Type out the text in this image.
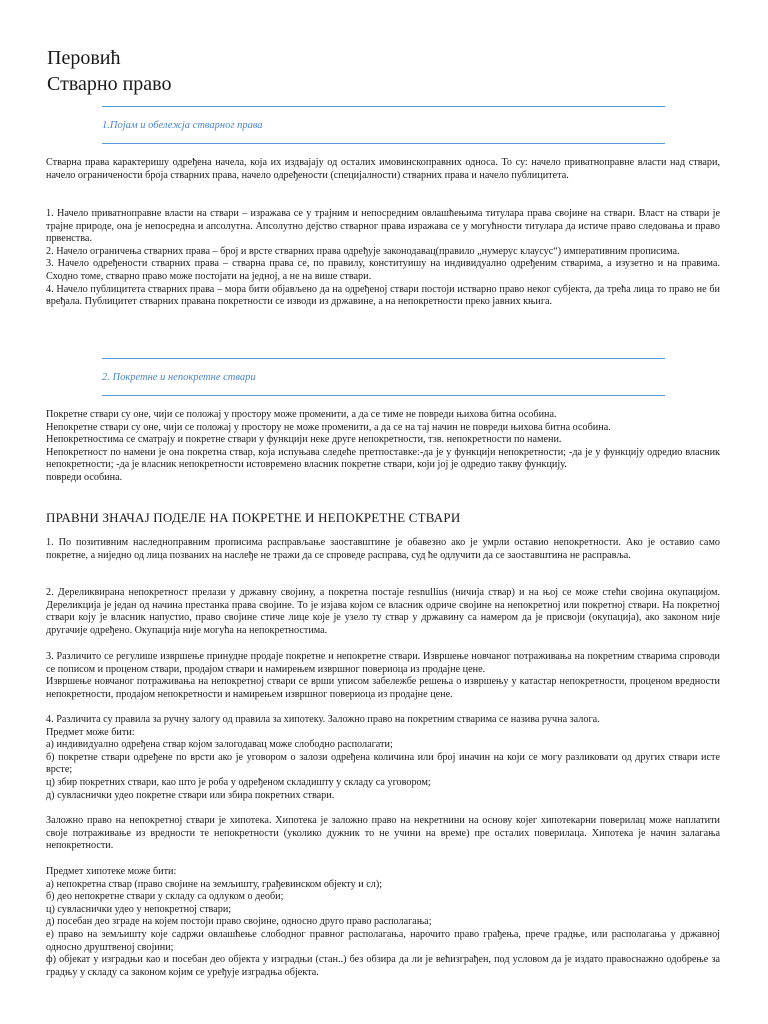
Перовић
Стварно право
1.Појам и обележја стварног права

Стварна права карактеришу одређена начела, која их издвајају од осталих имовинскоправних односа. То су: начело приватноправне власти над ствари, начело ограничености броја стварних права, начело одређености (специјалности) стварних права и начело публицитета.

1. Начело приватноправне власти на ствари – изражава се у трајним и непосредним овлашћењима титулара права својине на ствари. Власт на ствари је трајне природе, она је непосредна и апсолутна. Апсолутно дејство стварног права изражава се у могућности титулара да истиче право следовања и право првенства.

2. Начело ограничења стварних права – број и врсте стварних права одређује законодавац(правило „нумерус клаусус“) императивним прописима.

3. Начело одређености стварних права – стварна права се, по правилу, конституишу на индивидуално одређеним стварима, а изузетно и на правима. Сходно томе, стварно право може постојати на једној, а не на више ствари.

4. Начело публицитета стварних права – мора бити објављено да на одређеној ствари постоји истварно право неког субјекта, да трећа лица то право не би вређала. Публицитет стварних правана покретности се изводи из државине, а на непокретности преко јавних књига.

2. Покретне и непокретне ствари

Покретне ствари су оне, чији се положај у простору може променити, а да се тиме не повреди њихова битна особина.

Непокретне ствари су оне, чији се положај у простору не може променити, а да се на тај начин не повреди њихова битна особина.

Непокретностима се сматрају и покретне ствари у функцији неке друге непокретности, тзв. непокретности по намени.

Непокретност по намени је она покретна ствар, која испуњава следеће претпоставке:-да је у функцији непокретности; -да је у функцију одредио власник непокретности; -да је власник непокретности истовремено власник покретне ствари, који јој је одредио такву функцију.

повреди особина.

ПРАВНИ ЗНАЧАЈ ПОДЕЛЕ НА ПОКРЕТНЕ И НЕПОКРЕТНЕ СТВАРИ

1. По позитивним наследноправним прописима расправљање заоставштине је обавезно ако је умрли оставио непокретности. Ако је оставио само покретне, а ниједно од лица позваних на наслеђе не тражи да се спроведе расправа, суд ће одлучити да се заоставштина не расправља.

2. Дереликвирана непокретност прелази у државну својину, а покретна постаје resnullius (ничија ствар) и на њој се може стећи својина окупацијом. Дереликција је један од начина престанка права својине. То је изјава којом се власник одриче својине на непокретној или покретној ствари. На покретној ствари коју је власник напустио, право својине стиче лице које је узело ту ствар у државину са намером да је присвоји (окупација), ако законом није другачије одређено. Окупација није могућа на непокретностима.

3. Различито се регулише извршење принудне продаје покретне и непокретне ствари. Извршење новчаног потраживања на покретним стварима спроводи се пописом и проценом ствари, продајом ствари и намирењем извршног повериоца из продајне цене.

Извршење новчаног потраживања на непокретној ствари се врши уписом забележбе решења о извршењу у катастар непокретности, проценом вредности непокретности, продајом непокретности и намирењем извршног повериоца из продајне цене.

4. Различита су правила за ручну залогу од правила за хипотеку. Заложно право на покретним стварима се назива ручна залога.

Предмет може бити:

а) индивидуално одређена ствар којом залогодавац може слободно располагати;

б) покретне ствари одређене по врсти ако је уговором о залози одређена количина или број иначин на који се могу разликовати од других ствари исте врсте;

ц) збир покретних ствари, као што је роба у одређеном складишту у складу са уговором;

д) сувласнички удео покретне ствари или збира покретних ствари.

Заложно право на непокретној ствари је хипотека. Хипотека је заложно право на некретнини на основу којег хипотекарни поверилац може наплатити своје потраживање из вредности те непокретности (уколико дужник то не учини на време) пре осталих поверилаца. Хипотека је начин залагања непокретности.

Предмет хипотеке може бити:

а) непокретна ствар (право својине на земљишту, грађевинском објекту и сл);

б) део непокретне ствари у складу са одлуком о деоби;

ц) сувласнички удео у непокретној ствари;

д) посебан део зграде на којем постоји право својине, односно друго право располагања;

е) право на земљишту које садржи овлашћење слободног правног располагања, нарочито право грађења, прече градње, или располагања у државној односно друштвеној својини;

ф) објекат у изградњи као и посебан део објекта у изградњи (стан..) без обзира да ли је већизграђен, под условом да је издато правоснажно одобрење за градњу у складу са законом којим се уређује изградња објекта.
